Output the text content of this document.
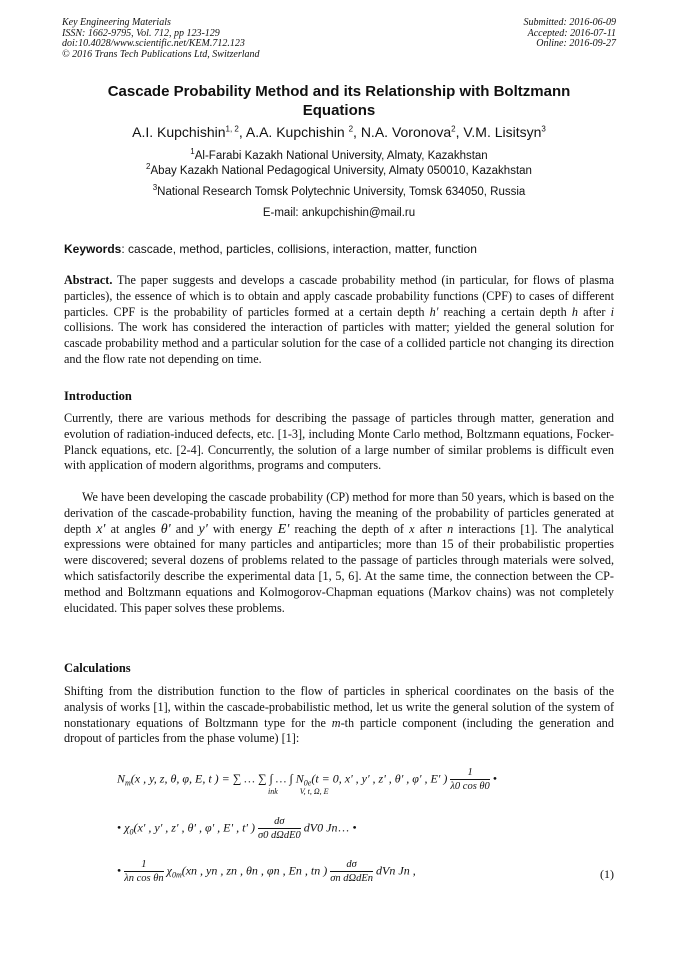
Key Engineering Materials
ISSN: 1662-9795, Vol. 712, pp 123-129
doi:10.4028/www.scientific.net/KEM.712.123
© 2016 Trans Tech Publications Ltd, Switzerland
Submitted: 2016-06-09
Accepted: 2016-07-11
Online: 2016-09-27
Cascade Probability Method and its Relationship with Boltzmann Equations
A.I. Kupchishin$^{1, 2}$, A.A. Kupchishin $^2$, N.A. Voronova$^2$, V.M. Lisitsyn$^3$
$^1$Al-Farabi Kazakh National University, Almaty, Kazakhstan
$^2$Abay Kazakh National Pedagogical University, Almaty 050010, Kazakhstan
$^3$National Research Tomsk Polytechnic University, Tomsk 634050, Russia
E-mail: ankupchishin@mail.ru
Keywords: cascade, method, particles, collisions, interaction, matter, function
Abstract. The paper suggests and develops a cascade probability method (in particular, for flows of plasma particles), the essence of which is to obtain and apply cascade probability functions (CPF) to cases of different particles. CPF is the probability of particles formed at a certain depth h' reaching a certain depth h after i collisions. The work has considered the interaction of particles with matter; yielded the general solution for cascade probability method and a particular solution for the case of a collided particle not changing its direction and the flow rate not depending on time.
Introduction
Currently, there are various methods for describing the passage of particles through matter, generation and evolution of radiation-induced defects, etc. [1-3], including Monte Carlo method, Boltzmann equations, Focker-Planck equations, etc. [2-4]. Concurrently, the solution of a large number of similar problems is difficult even with application of modern algorithms, programs and computers.
We have been developing the cascade probability (CP) method for more than 50 years, which is based on the derivation of the cascade-probability function, having the meaning of the probability of particles generated at depth x' at angles θ' and y' with energy E' reaching the depth of x after n interactions [1]. The analytical expressions were obtained for many particles and antiparticles; more than 15 of their probabilistic properties were discovered; several dozens of problems related to the passage of particles through materials were solved, which satisfactorily describe the experimental data [1, 5, 6]. At the same time, the connection between the CP-method and Boltzmann equations and Kolmogorov-Chapman equations (Markov chains) was not completely elucidated. This paper solves these problems.
Calculations
Shifting from the distribution function to the flow of particles in spherical coordinates on the basis of the analysis of works [1], within the cascade-probabilistic method, let us write the general solution of the system of nonstationary equations of Boltzmann type for the m-th particle component (including the generation and dropout of particles from the phase volume) [1]:
$N_m(x$ , y, z, θ, φ, E, t ) = ∑ … ∑ ∫ … ∫ $N_{0e}(t = 0$, x' , y' , z' , θ' , φ' , E' ) $\frac{1}{\text{λ0 cos θ0}}$ •
ink	V, t, Ω, E
• $\chi_0(x'$ , y' , z' , θ' , φ' , E' , t' ) $\frac{d\sigma}{\text{σ0 dΩdE0}} dV0$ Jn… •
• $\frac{1}{\text{λn cos θn}} \chi_{0m}(xn$ , yn , zn , θn , φn , En , tn ) $\frac{d\sigma}{\text{σn dΩdEn}}$ dVn Jn ,	(1)
